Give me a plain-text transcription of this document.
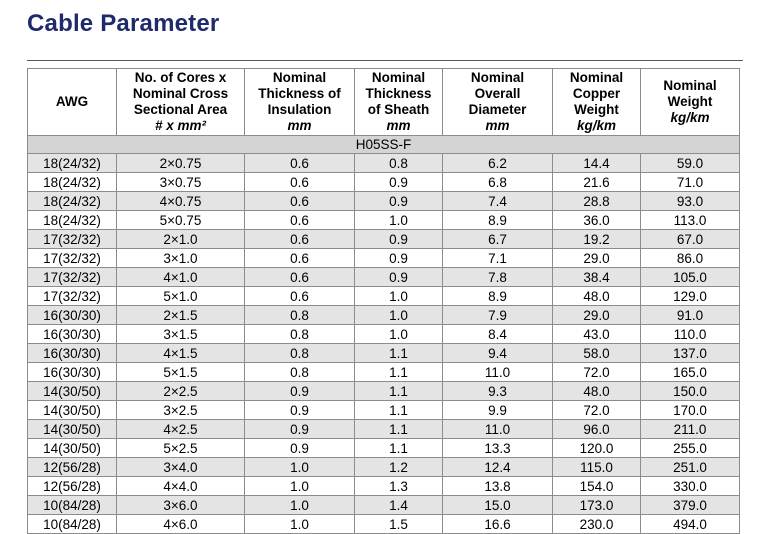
Cable Parameter
AWG	No. of Cores x
Nominal Cross
Sectional Area
# x mm²	Nominal
Thickness of
Insulation
mm	Nominal
Thickness
of Sheath
mm	Nominal
Overall
Diameter
mm	Nominal
Copper
Weight
kg/km	Nominal
Weight
kg/km

H05SS-F						
18(24/32)	2×0.75	0.6	0.8	6.2	14.4	59.0
18(24/32)	3×0.75	0.6	0.9	6.8	21.6	71.0
18(24/32)	4×0.75	0.6	0.9	7.4	28.8	93.0
18(24/32)	5×0.75	0.6	1.0	8.9	36.0	113.0
17(32/32)	2×1.0	0.6	0.9	6.7	19.2	67.0
17(32/32)	3×1.0	0.6	0.9	7.1	29.0	86.0
17(32/32)	4×1.0	0.6	0.9	7.8	38.4	105.0
17(32/32)	5×1.0	0.6	1.0	8.9	48.0	129.0
16(30/30)	2×1.5	0.8	1.0	7.9	29.0	91.0
16(30/30)	3×1.5	0.8	1.0	8.4	43.0	110.0
16(30/30)	4×1.5	0.8	1.1	9.4	58.0	137.0
16(30/30)	5×1.5	0.8	1.1	11.0	72.0	165.0
14(30/50)	2×2.5	0.9	1.1	9.3	48.0	150.0
14(30/50)	3×2.5	0.9	1.1	9.9	72.0	170.0
14(30/50)	4×2.5	0.9	1.1	11.0	96.0	211.0
14(30/50)	5×2.5	0.9	1.1	13.3	120.0	255.0
12(56/28)	3×4.0	1.0	1.2	12.4	115.0	251.0
12(56/28)	4×4.0	1.0	1.3	13.8	154.0	330.0
10(84/28)	3×6.0	1.0	1.4	15.0	173.0	379.0
10(84/28)	4×6.0	1.0	1.5	16.6	230.0	494.0
